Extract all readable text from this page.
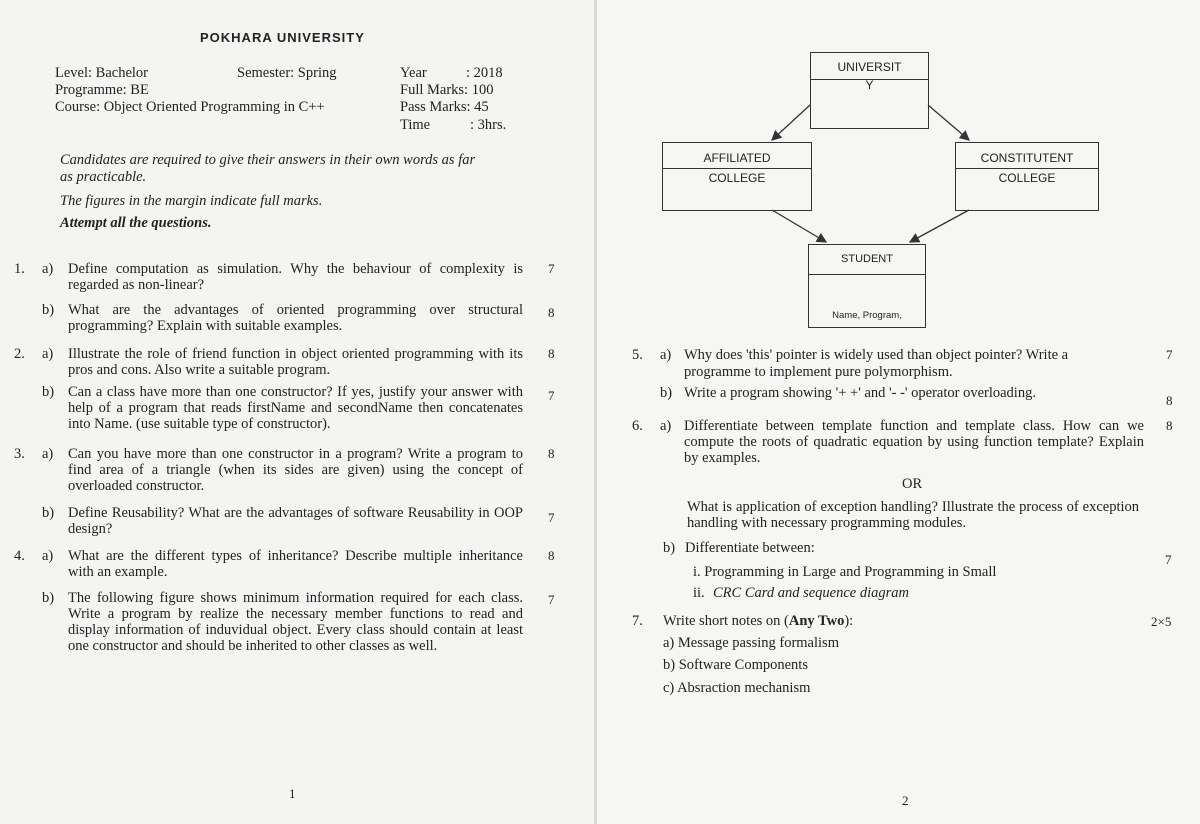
POKHARA UNIVERSITY
Level: Bachelor	Semester: Spring	Year	: 2018
Programme: BE	Full Marks: 100
Course: Object Oriented Programming in C++	Pass Marks: 45
Time	: 3hrs.
Candidates are required to give their answers in their own words as far
as practicable.
The figures in the margin indicate full marks.
Attempt all the questions.
1. a) Define computation as simulation. Why the behaviour of complexity is regarded as non-linear?
7
b) What are the advantages of oriented programming over structural programming? Explain with suitable examples.
8
2. a) Illustrate the role of friend function in object oriented programming with its pros and cons. Also write a suitable program.
8
b) Can a class have more than one constructor? If yes, justify your answer with help of a program that reads firstName and secondName then concatenates into Name. (use suitable type of constructor).
7
3. a) Can you have more than one constructor in a program? Write a program to find area of a triangle (when its sides are given) using the concept of overloaded constructor.
8
b) Define Reusability? What are the advantages of software Reusability in OOP design?
7
4. a) What are the different types of inheritance? Describe multiple inheritance with an example.
8
b) The following figure shows minimum information required for each class. Write a program by realize the necessary member functions to read and display information of induvidual object. Every class should contain at least one constructor and should be inherited to other classes as well.
7
1
UNIVERSIT
Y
AFFILIATED
COLLEGE
CONSTITUTENT
COLLEGE
STUDENT
Name, Program,
5. a) Why does 'this' pointer is widely used than object pointer? Write a
programme to implement pure polymorphism.
7
b) Write a program showing '+ +' and '- -' operator overloading.	8
6. a) Differentiate between template function and template class. How can we compute the roots of quadratic equation by using function template? Explain by examples.
8
OR
What is application of exception handling? Illustrate the process of exception handling with necessary programming modules.
b) Differentiate between:
7
i. Programming in Large and Programming in Small
ii. CRC Card and sequence diagram
7. Write short notes on (Any Two):	2×5
a) Message passing formalism
b) Software Components
c) Absraction mechanism
2
